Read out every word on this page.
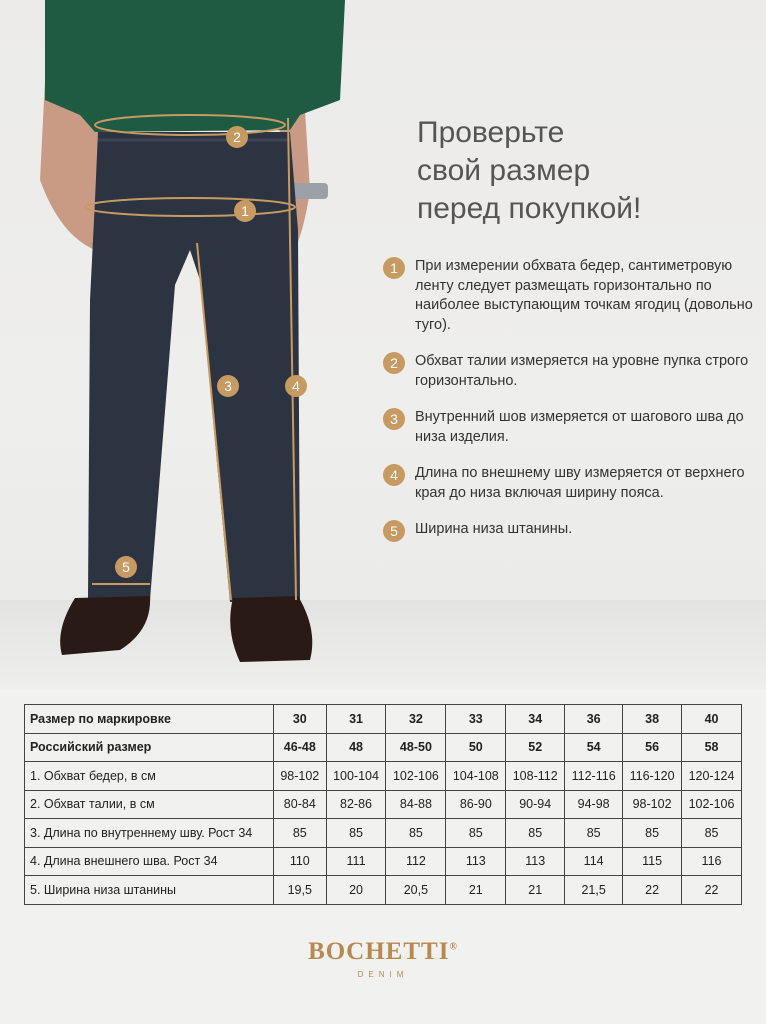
2
1
3	4
5
Проверьте
свой размер
перед покупкой!
1	При измерении обхвата бедер, сантиметровую ленту следует размещать горизонтально по наиболее выступающим точкам ягодиц (довольно туго).
2	Обхват талии измеряется на уровне пупка строго горизонтально.
3	Внутренний шов измеряется от шагового шва до низа изделия.
4	Длина по внешнему шву измеряется от верхнего края до низа включая ширину пояса.
5	Ширина низа штанины.
Размер по маркировке	30	31	32	33	34	36	38	40
Российский размер	46-48	48	48-50	50	52	54	56	58
1. Обхват бедер, в см	98-102	100-104	102-106	104-108	108-112	112-116	116-120	120-124
2. Обхват талии, в см	80-84	82-86	84-88	86-90	90-94	94-98	98-102	102-106
3. Длина по внутреннему шву. Рост 34	85	85	85	85	85	85	85	85
4. Длина внешнего шва. Рост 34	110	111	112	113	113	114	115	116
5. Ширина низа штанины	19,5	20	20,5	21	21	21,5	22	22
BOCHETTI®
DENIM
